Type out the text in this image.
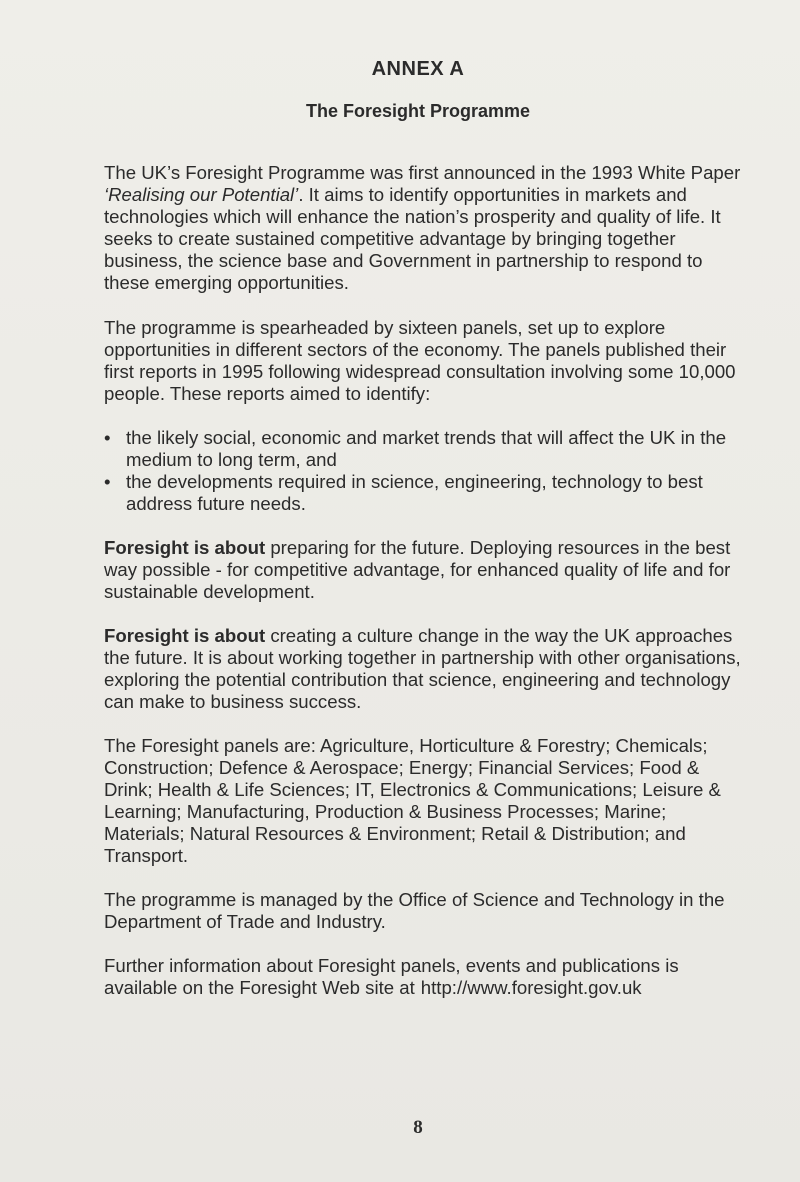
ANNEX A
The Foresight Programme

The UK’s Foresight Programme was first announced in the 1993 White Paper ‘Realising our Potential’. It aims to identify opportunities in markets and technologies which will enhance the nation’s prosperity and quality of life. It seeks to create sustained competitive advantage by bringing together business, the science base and Government in partnership to respond to these emerging opportunities.

The programme is spearheaded by sixteen panels, set up to explore opportunities in different sectors of the economy. The panels published their first reports in 1995 following widespread consultation involving some 10,000 people. These reports aimed to identify:

• the likely social, economic and market trends that will affect the UK in the medium to long term, and
• the developments required in science, engineering, technology to best address future needs.

Foresight is about preparing for the future. Deploying resources in the best way possible - for competitive advantage, for enhanced quality of life and for sustainable development.

Foresight is about creating a culture change in the way the UK approaches the future. It is about working together in partnership with other organisations, exploring the potential contribution that science, engineering and technology can make to business success.

The Foresight panels are: Agriculture, Horticulture & Forestry; Chemicals; Construction; Defence & Aerospace; Energy; Financial Services; Food & Drink; Health & Life Sciences; IT, Electronics & Communications; Leisure & Learning; Manufacturing, Production & Business Processes; Marine; Materials; Natural Resources & Environment; Retail & Distribution; and Transport.

The programme is managed by the Office of Science and Technology in the Department of Trade and Industry.

Further information about Foresight panels, events and publications is available on the Foresight Web site at http://www.foresight.gov.uk

8
